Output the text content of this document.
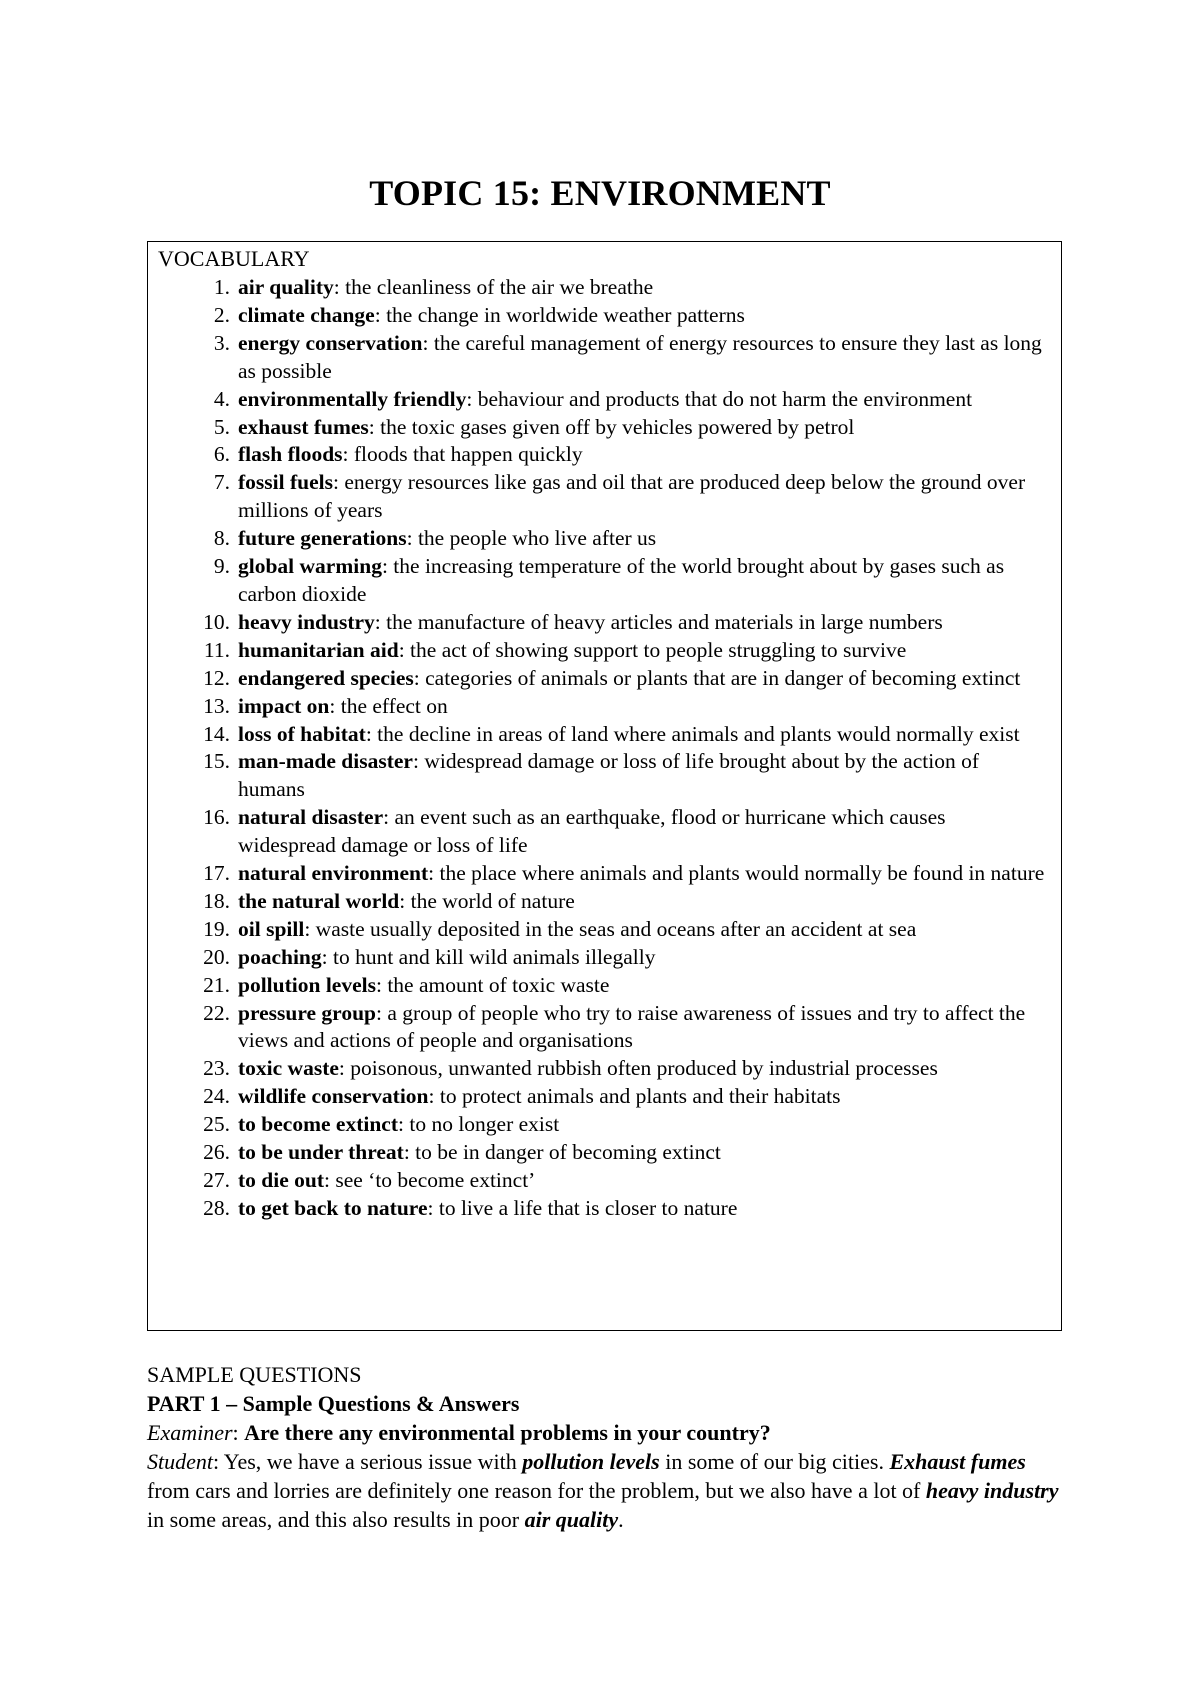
TOPIC 15: ENVIRONMENT
VOCABULARY
1. air quality: the cleanliness of the air we breathe
2. climate change: the change in worldwide weather patterns
3. energy conservation: the careful management of energy resources to ensure they last as long as possible
4. environmentally friendly: behaviour and products that do not harm the environment
5. exhaust fumes: the toxic gases given off by vehicles powered by petrol
6. flash floods: floods that happen quickly
7. fossil fuels: energy resources like gas and oil that are produced deep below the ground over millions of years
8. future generations: the people who live after us
9. global warming: the increasing temperature of the world brought about by gases such as carbon dioxide
10. heavy industry: the manufacture of heavy articles and materials in large numbers
11. humanitarian aid: the act of showing support to people struggling to survive
12. endangered species: categories of animals or plants that are in danger of becoming extinct
13. impact on: the effect on
14. loss of habitat: the decline in areas of land where animals and plants would normally exist
15. man-made disaster: widespread damage or loss of life brought about by the action of humans
16. natural disaster: an event such as an earthquake, flood or hurricane which causes widespread damage or loss of life
17. natural environment: the place where animals and plants would normally be found in nature
18. the natural world: the world of nature
19. oil spill: waste usually deposited in the seas and oceans after an accident at sea
20. poaching: to hunt and kill wild animals illegally
21. pollution levels: the amount of toxic waste
22. pressure group: a group of people who try to raise awareness of issues and try to affect the views and actions of people and organisations
23. toxic waste: poisonous, unwanted rubbish often produced by industrial processes
24. wildlife conservation: to protect animals and plants and their habitats
25. to become extinct: to no longer exist
26. to be under threat: to be in danger of becoming extinct
27. to die out: see ‘to become extinct’
28. to get back to nature: to live a life that is closer to nature

SAMPLE QUESTIONS

PART 1 – Sample Questions & Answers

Examiner: Are there any environmental problems in your country?

Student: Yes, we have a serious issue with pollution levels in some of our big cities. Exhaust fumes from cars and lorries are definitely one reason for the problem, but we also have a lot of heavy industry in some areas, and this also results in poor air quality.
